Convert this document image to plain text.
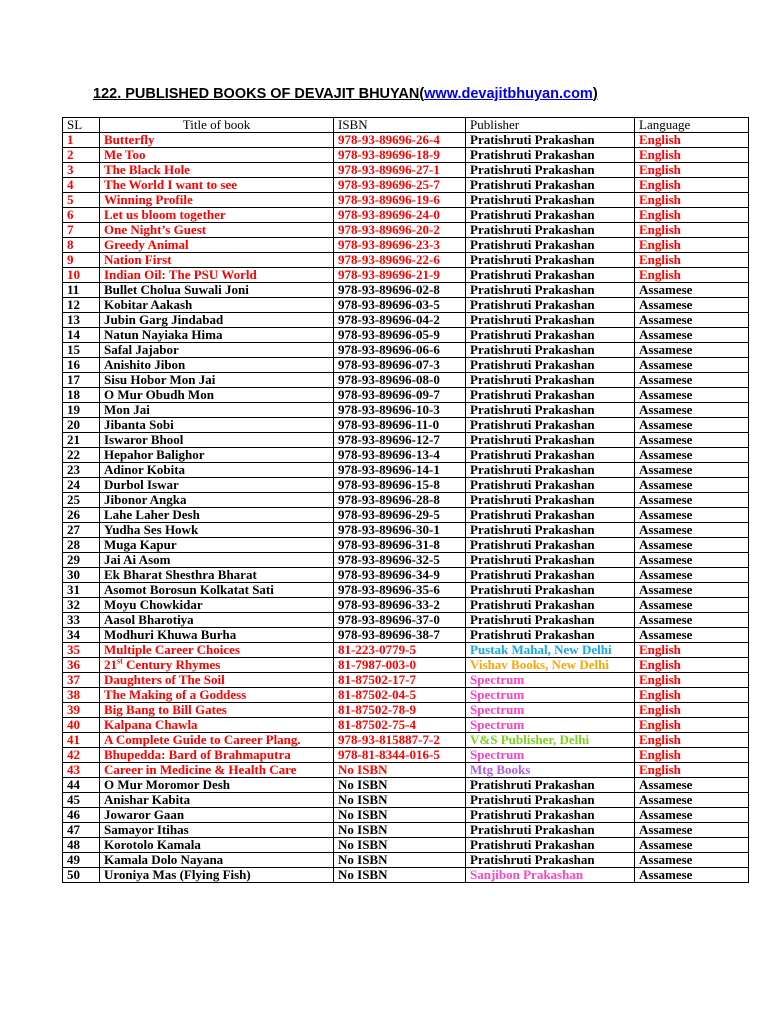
122. PUBLISHED BOOKS OF DEVAJIT BHUYAN(www.devajitbhuyan.com)
SL	Title of book	ISBN	Publisher	Language
1	Butterfly	978-93-89696-26-4	Pratishruti Prakashan	English
2	Me Too	978-93-89696-18-9	Pratishruti Prakashan	English
3	The Black Hole	978-93-89696-27-1	Pratishruti Prakashan	English
4	The World I want to see	978-93-89696-25-7	Pratishruti Prakashan	English
5	Winning Profile	978-93-89696-19-6	Pratishruti Prakashan	English
6	Let us bloom together	978-93-89696-24-0	Pratishruti Prakashan	English
7	One Night’s Guest	978-93-89696-20-2	Pratishruti Prakashan	English
8	Greedy Animal	978-93-89696-23-3	Pratishruti Prakashan	English
9	Nation First	978-93-89696-22-6	Pratishruti Prakashan	English
10	Indian Oil: The PSU World	978-93-89696-21-9	Pratishruti Prakashan	English
11	Bullet Cholua Suwali Joni	978-93-89696-02-8	Pratishruti Prakashan	Assamese
12	Kobitar Aakash	978-93-89696-03-5	Pratishruti Prakashan	Assamese
13	Jubin Garg Jindabad	978-93-89696-04-2	Pratishruti Prakashan	Assamese
14	Natun Nayiaka Hima	978-93-89696-05-9	Pratishruti Prakashan	Assamese
15	Safal Jajabor	978-93-89696-06-6	Pratishruti Prakashan	Assamese
16	Anishito Jibon	978-93-89696-07-3	Pratishruti Prakashan	Assamese
17	Sisu Hobor Mon Jai	978-93-89696-08-0	Pratishruti Prakashan	Assamese
18	O Mur Obudh Mon	978-93-89696-09-7	Pratishruti Prakashan	Assamese
19	Mon Jai	978-93-89696-10-3	Pratishruti Prakashan	Assamese
20	Jibanta Sobi	978-93-89696-11-0	Pratishruti Prakashan	Assamese
21	Iswaror Bhool	978-93-89696-12-7	Pratishruti Prakashan	Assamese
22	Hepahor Balighor	978-93-89696-13-4	Pratishruti Prakashan	Assamese
23	Adinor Kobita	978-93-89696-14-1	Pratishruti Prakashan	Assamese
24	Durbol Iswar	978-93-89696-15-8	Pratishruti Prakashan	Assamese
25	Jibonor Angka	978-93-89696-28-8	Pratishruti Prakashan	Assamese
26	Lahe Laher Desh	978-93-89696-29-5	Pratishruti Prakashan	Assamese
27	Yudha Ses Howk	978-93-89696-30-1	Pratishruti Prakashan	Assamese
28	Muga Kapur	978-93-89696-31-8	Pratishruti Prakashan	Assamese
29	Jai Ai Asom	978-93-89696-32-5	Pratishruti Prakashan	Assamese
30	Ek Bharat Shesthra Bharat	978-93-89696-34-9	Pratishruti Prakashan	Assamese
31	Asomot Borosun Kolkatat Sati	978-93-89696-35-6	Pratishruti Prakashan	Assamese
32	Moyu Chowkidar	978-93-89696-33-2	Pratishruti Prakashan	Assamese
33	Aasol Bharotiya	978-93-89696-37-0	Pratishruti Prakashan	Assamese
34	Modhuri Khuwa Burha	978-93-89696-38-7	Pratishruti Prakashan	Assamese
35	Multiple Career Choices	81-223-0779-5	Pustak Mahal, New Delhi	English
36	21st Century Rhymes	81-7987-003-0	Vishav Books, New Delhi	English
37	Daughters of The Soil	81-87502-17-7	Spectrum	English
38	The Making of a Goddess	81-87502-04-5	Spectrum	English
39	Big Bang to Bill Gates	81-87502-78-9	Spectrum	English
40	Kalpana Chawla	81-87502-75-4	Spectrum	English
41	A Complete Guide to Career Plang.	978-93-815887-7-2	V&S Publisher, Delhi	English
42	Bhupedda: Bard of Brahmaputra	978-81-8344-016-5	Spectrum	English
43	Career in Medicine & Health Care	No ISBN	Mtg Books	English
44	O Mur Moromor Desh	No ISBN	Pratishruti Prakashan	Assamese
45	Anishar Kabita	No ISBN	Pratishruti Prakashan	Assamese
46	Jowaror Gaan	No ISBN	Pratishruti Prakashan	Assamese
47	Samayor Itihas	No ISBN	Pratishruti Prakashan	Assamese
48	Korotolo Kamala	No ISBN	Pratishruti Prakashan	Assamese
49	Kamala Dolo Nayana	No ISBN	Pratishruti Prakashan	Assamese
50	Uroniya Mas (Flying Fish)	No ISBN	Sanjibon Prakashan	Assamese
